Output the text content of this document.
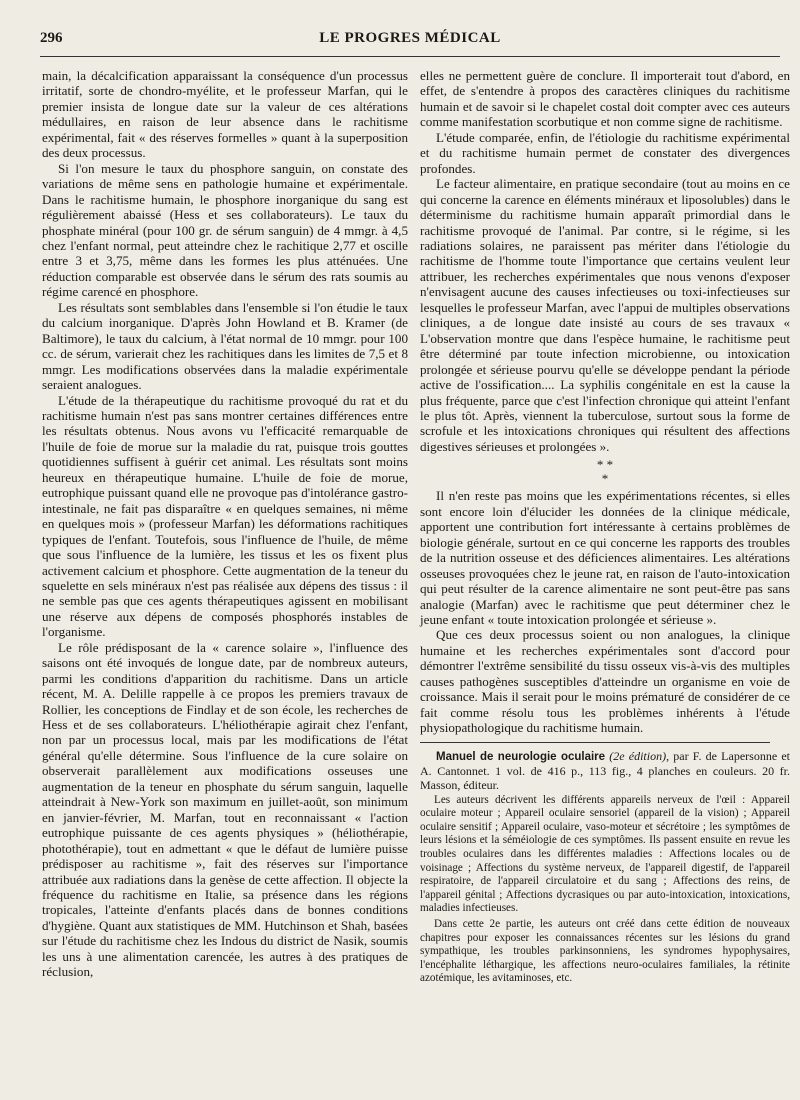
296	LE PROGRES MÉDICAL

main, la décalcification apparaissant la conséquence d'un processus irritatif, sorte de chondro-myélite, et le professeur Marfan, qui le premier insista de longue date sur la valeur de ces altérations médullaires, en raison de leur absence dans le rachitisme expérimental, fait « des réserves formelles » quant à la superposition des deux processus.

Si l'on mesure le taux du phosphore sanguin, on constate des variations de même sens en pathologie humaine et expérimentale. Dans le rachitisme humain, le phosphore inorganique du sang est régulièrement abaissé (Hess et ses collaborateurs). Le taux du phosphate minéral (pour 100 gr. de sérum sanguin) de 4 mmgr. à 4,5 chez l'enfant normal, peut atteindre chez le rachitique 2,77 et oscille entre 3 et 3,75, même dans les formes les plus atténuées. Une réduction comparable est observée dans le sérum des rats soumis au régime carencé en phosphore.

Les résultats sont semblables dans l'ensemble si l'on étudie le taux du calcium inorganique. D'après John Howland et B. Kramer (de Baltimore), le taux du calcium, à l'état normal de 10 mmgr. pour 100 cc. de sérum, varierait chez les rachitiques dans les limites de 7,5 et 8 mmgr. Les modifications observées dans la maladie expérimentale seraient analogues.

L'étude de la thérapeutique du rachitisme provoqué du rat et du rachitisme humain n'est pas sans montrer certaines différences entre les résultats obtenus. Nous avons vu l'efficacité remarquable de l'huile de foie de morue sur la maladie du rat, puisque trois gouttes quotidiennes suffisent à guérir cet animal. Les résultats sont moins heureux en thérapeutique humaine. L'huile de foie de morue, eutrophique puissant quand elle ne provoque pas d'intolérance gastro-intestinale, ne fait pas disparaître « en quelques semaines, ni même en quelques mois » (professeur Marfan) les déformations rachitiques typiques de l'enfant. Toutefois, sous l'influence de l'huile, de même que sous l'influence de la lumière, les tissus et les os fixent plus activement calcium et phosphore. Cette augmentation de la teneur du squelette en sels minéraux n'est pas réalisée aux dépens des tissus : il ne semble pas que ces agents thérapeutiques agissent en mobilisant une réserve aux dépens de composés phosphorés instables de l'organisme.

Le rôle prédisposant de la « carence solaire », l'influence des saisons ont été invoqués de longue date, par de nombreux auteurs, parmi les conditions d'apparition du rachitisme. Dans un article récent, M. A. Delille rappelle à ce propos les premiers travaux de Rollier, les conceptions de Findlay et de son école, les recherches de Hess et de ses collaborateurs. L'héliothérapie agirait chez l'enfant, non par un processus local, mais par les modifications de l'état général qu'elle détermine. Sous l'influence de la cure solaire on observerait parallèlement aux modifications osseuses une augmentation de la teneur en phosphate du sérum sanguin, laquelle atteindrait à New-York son maximum en juillet-août, son minimum en janvier-février, M. Marfan, tout en reconnaissant « l'action eutrophique puissante de ces agents physiques » (héliothérapie, photothérapie), tout en admettant « que le défaut de lumière puisse prédisposer au rachitisme », fait des réserves sur l'importance attribuée aux radiations dans la genèse de cette affection. Il objecte la fréquence du rachitisme en Italie, sa présence dans les régions tropicales, l'atteinte d'enfants placés dans de bonnes conditions d'hygiène. Quant aux statistiques de MM. Hutchinson et Shah, basées sur l'étude du rachitisme chez les Indous du district de Nasik, soumis les uns à une alimentation carencée, les autres à des pratiques de réclusion,

elles ne permettent guère de conclure. Il importerait tout d'abord, en effet, de s'entendre à propos des caractères cliniques du rachitisme humain et de savoir si le chapelet costal doit compter avec ces auteurs comme manifestation scorbutique et non comme signe de rachitisme.

L'étude comparée, enfin, de l'étiologie du rachitisme expérimental et du rachitisme humain permet de constater des divergences profondes.

Le facteur alimentaire, en pratique secondaire (tout au moins en ce qui concerne la carence en éléments minéraux et liposolubles) dans le déterminisme du rachitisme humain apparaît primordial dans le rachitisme provoqué de l'animal. Par contre, si le régime, si les radiations solaires, ne paraissent pas mériter dans l'étiologie du rachitisme de l'homme toute l'importance que certains veulent leur attribuer, les recherches expérimentales que nous venons d'exposer n'envisagent aucune des causes infectieuses ou toxi-infectieuses sur lesquelles le professeur Marfan, avec l'appui de multiples observations cliniques, a de longue date insisté au cours de ses travaux « L'observation montre que dans l'espèce humaine, le rachitisme peut être déterminé par toute infection microbienne, ou intoxication prolongée et sérieuse pourvu qu'elle se développe pendant la période active de l'ossification.... La syphilis congénitale en est la cause la plus fréquente, parce que c'est l'infection chronique qui atteint l'enfant le plus tôt. Après, viennent la tuberculose, surtout sous la forme de scrofule et les intoxications chroniques qui résultent des affections digestives sérieuses et prolongées ».

* *
*

Il n'en reste pas moins que les expérimentations récentes, si elles sont encore loin d'élucider les données de la clinique médicale, apportent une contribution fort intéressante à certains problèmes de biologie générale, surtout en ce qui concerne les rapports des troubles de la nutrition osseuse et des déficiences alimentaires. Les altérations osseuses provoquées chez le jeune rat, en raison de l'auto-intoxication qui peut résulter de la carence alimentaire ne sont peut-être pas sans analogie (Marfan) avec le rachitisme que peut déterminer chez le jeune enfant « toute intoxication prolongée et sérieuse ».

Que ces deux processus soient ou non analogues, la clinique humaine et les recherches expérimentales sont d'accord pour démontrer l'extrême sensibilité du tissu osseux vis-à-vis des multiples causes pathogènes susceptibles d'atteindre un organisme en voie de croissance. Mais il serait pour le moins prématuré de considérer de ce fait comme résolu tous les problèmes inhérents à l'étude physiopathologique du rachitisme humain.

Manuel de neurologie oculaire (2e édition), par F. de Lapersonne et A. Cantonnet. 1 vol. de 416 p., 113 fig., 4 planches en couleurs. 20 fr. Masson, éditeur.

Les auteurs décrivent les différents appareils nerveux de l'œil : Appareil oculaire moteur ; Appareil oculaire sensoriel (appareil de la vision) ; Appareil oculaire sensitif ; Appareil oculaire, vaso-moteur et sécrétoire ; les symptômes de leurs lésions et la séméiologie de ces symptômes. Ils passent ensuite en revue les troubles oculaires dans les différentes maladies : Affections locales ou de voisinage ; Affections du système nerveux, de l'appareil digestif, de l'appareil respiratoire, de l'appareil circulatoire et du sang ; Affections des reins, de l'appareil génital ; Affections dycrasiques ou par auto-intoxication, intoxications, maladies infectieuses.

Dans cette 2e partie, les auteurs ont créé dans cette édition de nouveaux chapitres pour exposer les connaissances récentes sur les lésions du grand sympathique, les troubles parkinsonniens, les syndromes hypophysaires, l'encéphalite léthargique, les affections neuro-oculaires familiales, la rétinite azotémique, les avitaminoses, etc.
